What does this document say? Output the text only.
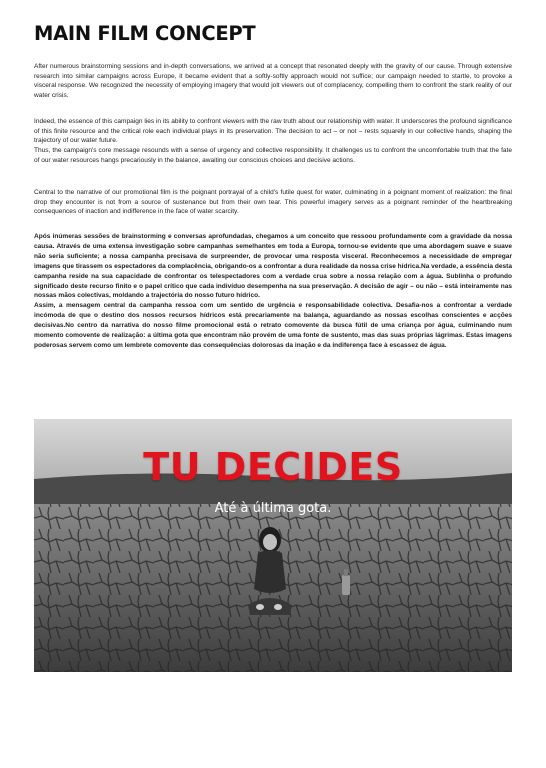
MAIN FILM CONCEPT

After numerous brainstorming sessions and in-depth conversations, we arrived at a concept that resonated deeply with the gravity of our cause. Through extensive research into similar campaigns across Europe, it became evident that a softly-softly approach would not suffice; our campaign needed to startle, to provoke a visceral response. We recognized the necessity of employing imagery that would jolt viewers out of complacency, compelling them to confront the stark reality of our water crisis.

Indeed, the essence of this campaign lies in its ability to confront viewers with the raw truth about our relationship with water. It underscores the profound significance of this finite resource and the critical role each individual plays in its preservation. The decision to act – or not – rests squarely in our collective hands, shaping the trajectory of our water future.

Thus, the campaign's core message resounds with a sense of urgency and collective responsibility. It challenges us to confront the uncomfortable truth that the fate of our water resources hangs precariously in the balance, awaiting our conscious choices and decisive actions.

Central to the narrative of our promotional film is the poignant portrayal of a child's futile quest for water, culminating in a poignant moment of realization: the final drop they encounter is not from a source of sustenance but from their own tear. This powerful imagery serves as a poignant reminder of the heartbreaking consequences of inaction and indifference in the face of water scarcity.

Após inúmeras sessões de brainstorming e conversas aprofundadas, chegamos a um conceito que ressoou profundamente com a gravidade da nossa causa. Através de uma extensa investigação sobre campanhas semelhantes em toda a Europa, tornou-se evidente que uma abordagem suave e suave não seria suficiente; a nossa campanha precisava de surpreender, de provocar uma resposta visceral. Reconhecemos a necessidade de empregar imagens que tirassem os espectadores da complacência, obrigando-os a confrontar a dura realidade da nossa crise hídrica.Na verdade, a essência desta campanha reside na sua capacidade de confrontar os telespectadores com a verdade crua sobre a nossa relação com a água. Sublinha o profundo significado deste recurso finito e o papel crítico que cada indivíduo desempenha na sua preservação. A decisão de agir – ou não – está inteiramente nas nossas mãos colectivas, moldando a trajectória do nosso futuro hídrico.

Assim, a mensagem central da campanha ressoa com um sentido de urgência e responsabilidade colectiva. Desafia-nos a confrontar a verdade incómoda de que o destino dos nossos recursos hídricos está precariamente na balança, aguardando as nossas escolhas conscientes e acções decisivas.No centro da narrativa do nosso filme promocional está o retrato comovente da busca fútil de uma criança por água, culminando num momento comovente de realização: a última gota que encontram não provém de uma fonte de sustento, mas das suas próprias lágrimas. Estas imagens poderosas servem como um lembrete comovente das consequências dolorosas da inação e da indiferença face à escassez de água.

TU DECIDES
Até à última gota.
